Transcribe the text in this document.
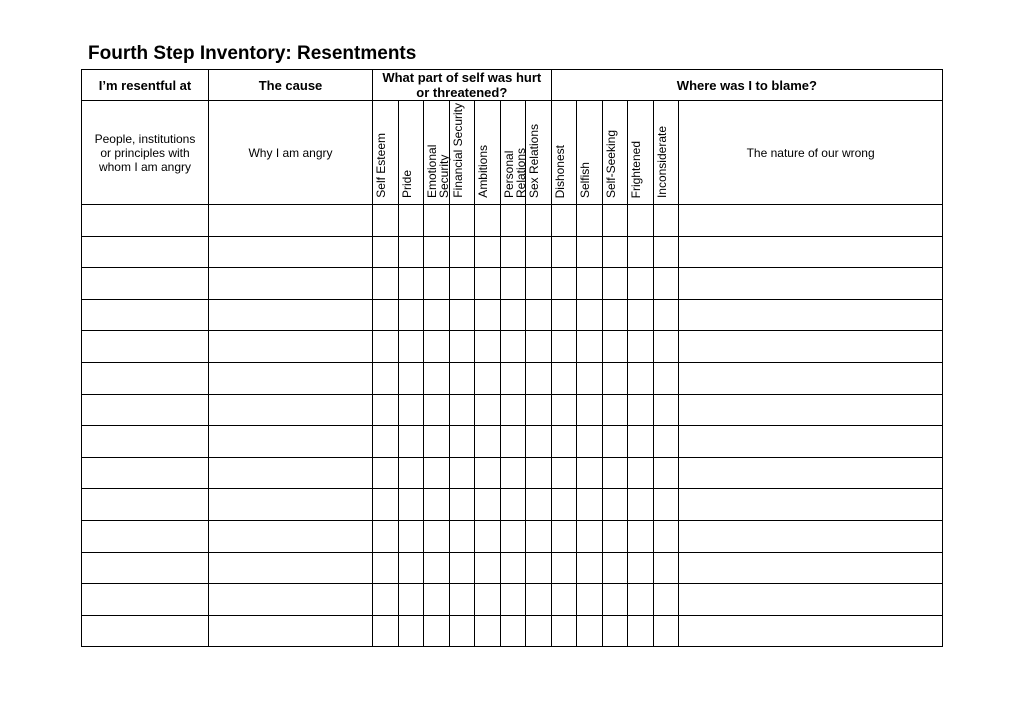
Fourth Step Inventory: Resentments
I’m resentful at	The cause	What part of self was hurt or threatened?							Where was I to blame?					
People, institutions or principles with whom I am angry	Why I am angry	Self Esteem	Pride	Emotional Security	Financial Security	Ambitions	Personal Relations	Sex Relations	Dishonest	Selfish	Self-Seeking	Frightened	Inconsiderate	The nature of our wrong
